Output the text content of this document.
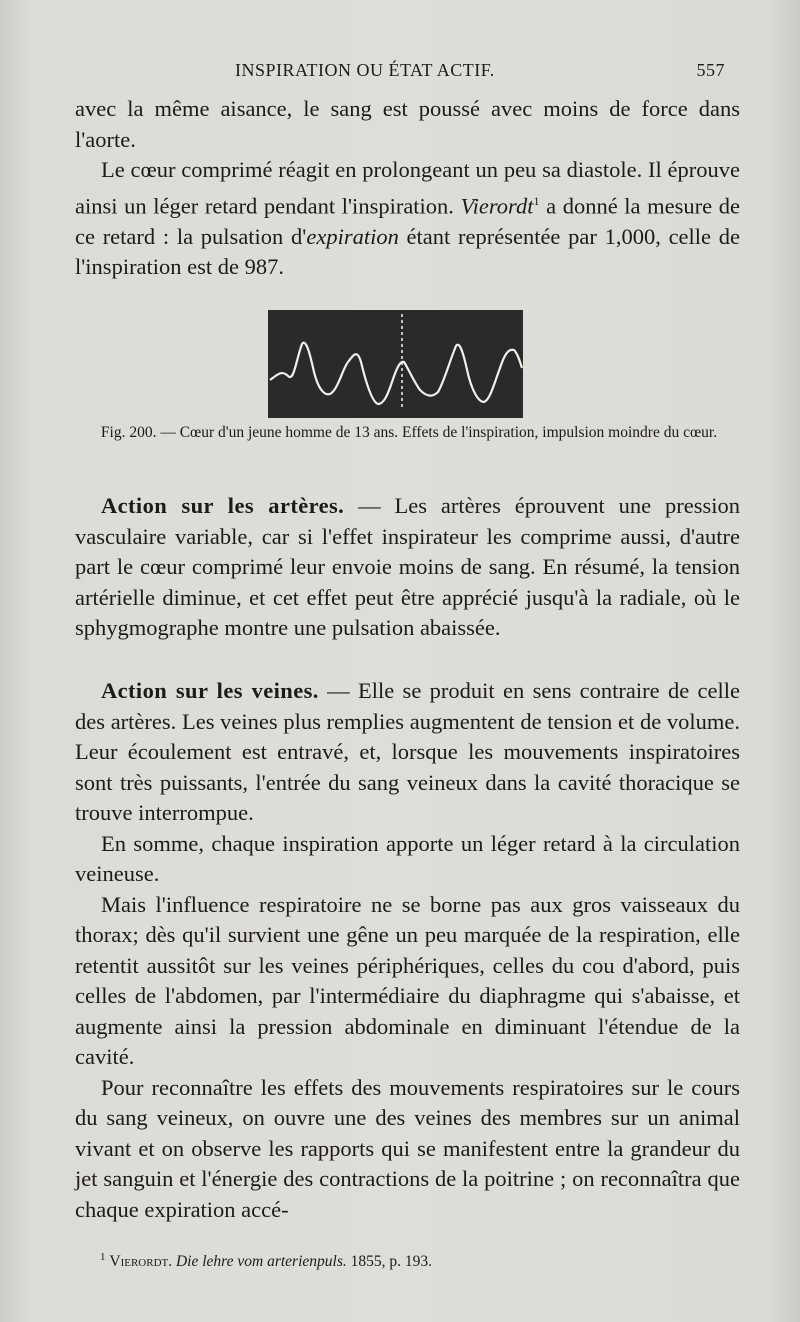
INSPIRATION OU ÉTAT ACTIF.	557

avec la même aisance, le sang est poussé avec moins de force dans l'aorte.

Le cœur comprimé réagit en prolongeant un peu sa diastole. Il éprouve ainsi un léger retard pendant l'inspiration. Vierordt$^1$ a donné la mesure de ce retard : la pulsation d'expiration étant représentée par 1,000, celle de l'inspiration est de 987.

Fig. 200. — Cœur d'un jeune homme de 13 ans. Effets de l'inspiration, impulsion moindre du cœur.

Action sur les artères. — Les artères éprouvent une pression vasculaire variable, car si l'effet inspirateur les comprime aussi, d'autre part le cœur comprimé leur envoie moins de sang. En résumé, la tension artérielle diminue, et cet effet peut être apprécié jusqu'à la radiale, où le sphygmographe montre une pulsation abaissée.

Action sur les veines. — Elle se produit en sens contraire de celle des artères. Les veines plus remplies augmentent de tension et de volume. Leur écoulement est entravé, et, lorsque les mouvements inspiratoires sont très puissants, l'entrée du sang veineux dans la cavité thoracique se trouve interrompue.

En somme, chaque inspiration apporte un léger retard à la circulation veineuse.

Mais l'influence respiratoire ne se borne pas aux gros vaisseaux du thorax; dès qu'il survient une gêne un peu marquée de la respiration, elle retentit aussitôt sur les veines périphériques, celles du cou d'abord, puis celles de l'abdomen, par l'intermédiaire du diaphragme qui s'abaisse, et augmente ainsi la pression abdominale en diminuant l'étendue de la cavité.

Pour reconnaître les effets des mouvements respiratoires sur le cours du sang veineux, on ouvre une des veines des membres sur un animal vivant et on observe les rapports qui se manifestent entre la grandeur du jet sanguin et l'énergie des contractions de la poitrine ; on reconnaîtra que chaque expiration accé-

$^1$ Vierordt. Die lehre vom arterienpuls. 1855, p. 193.
